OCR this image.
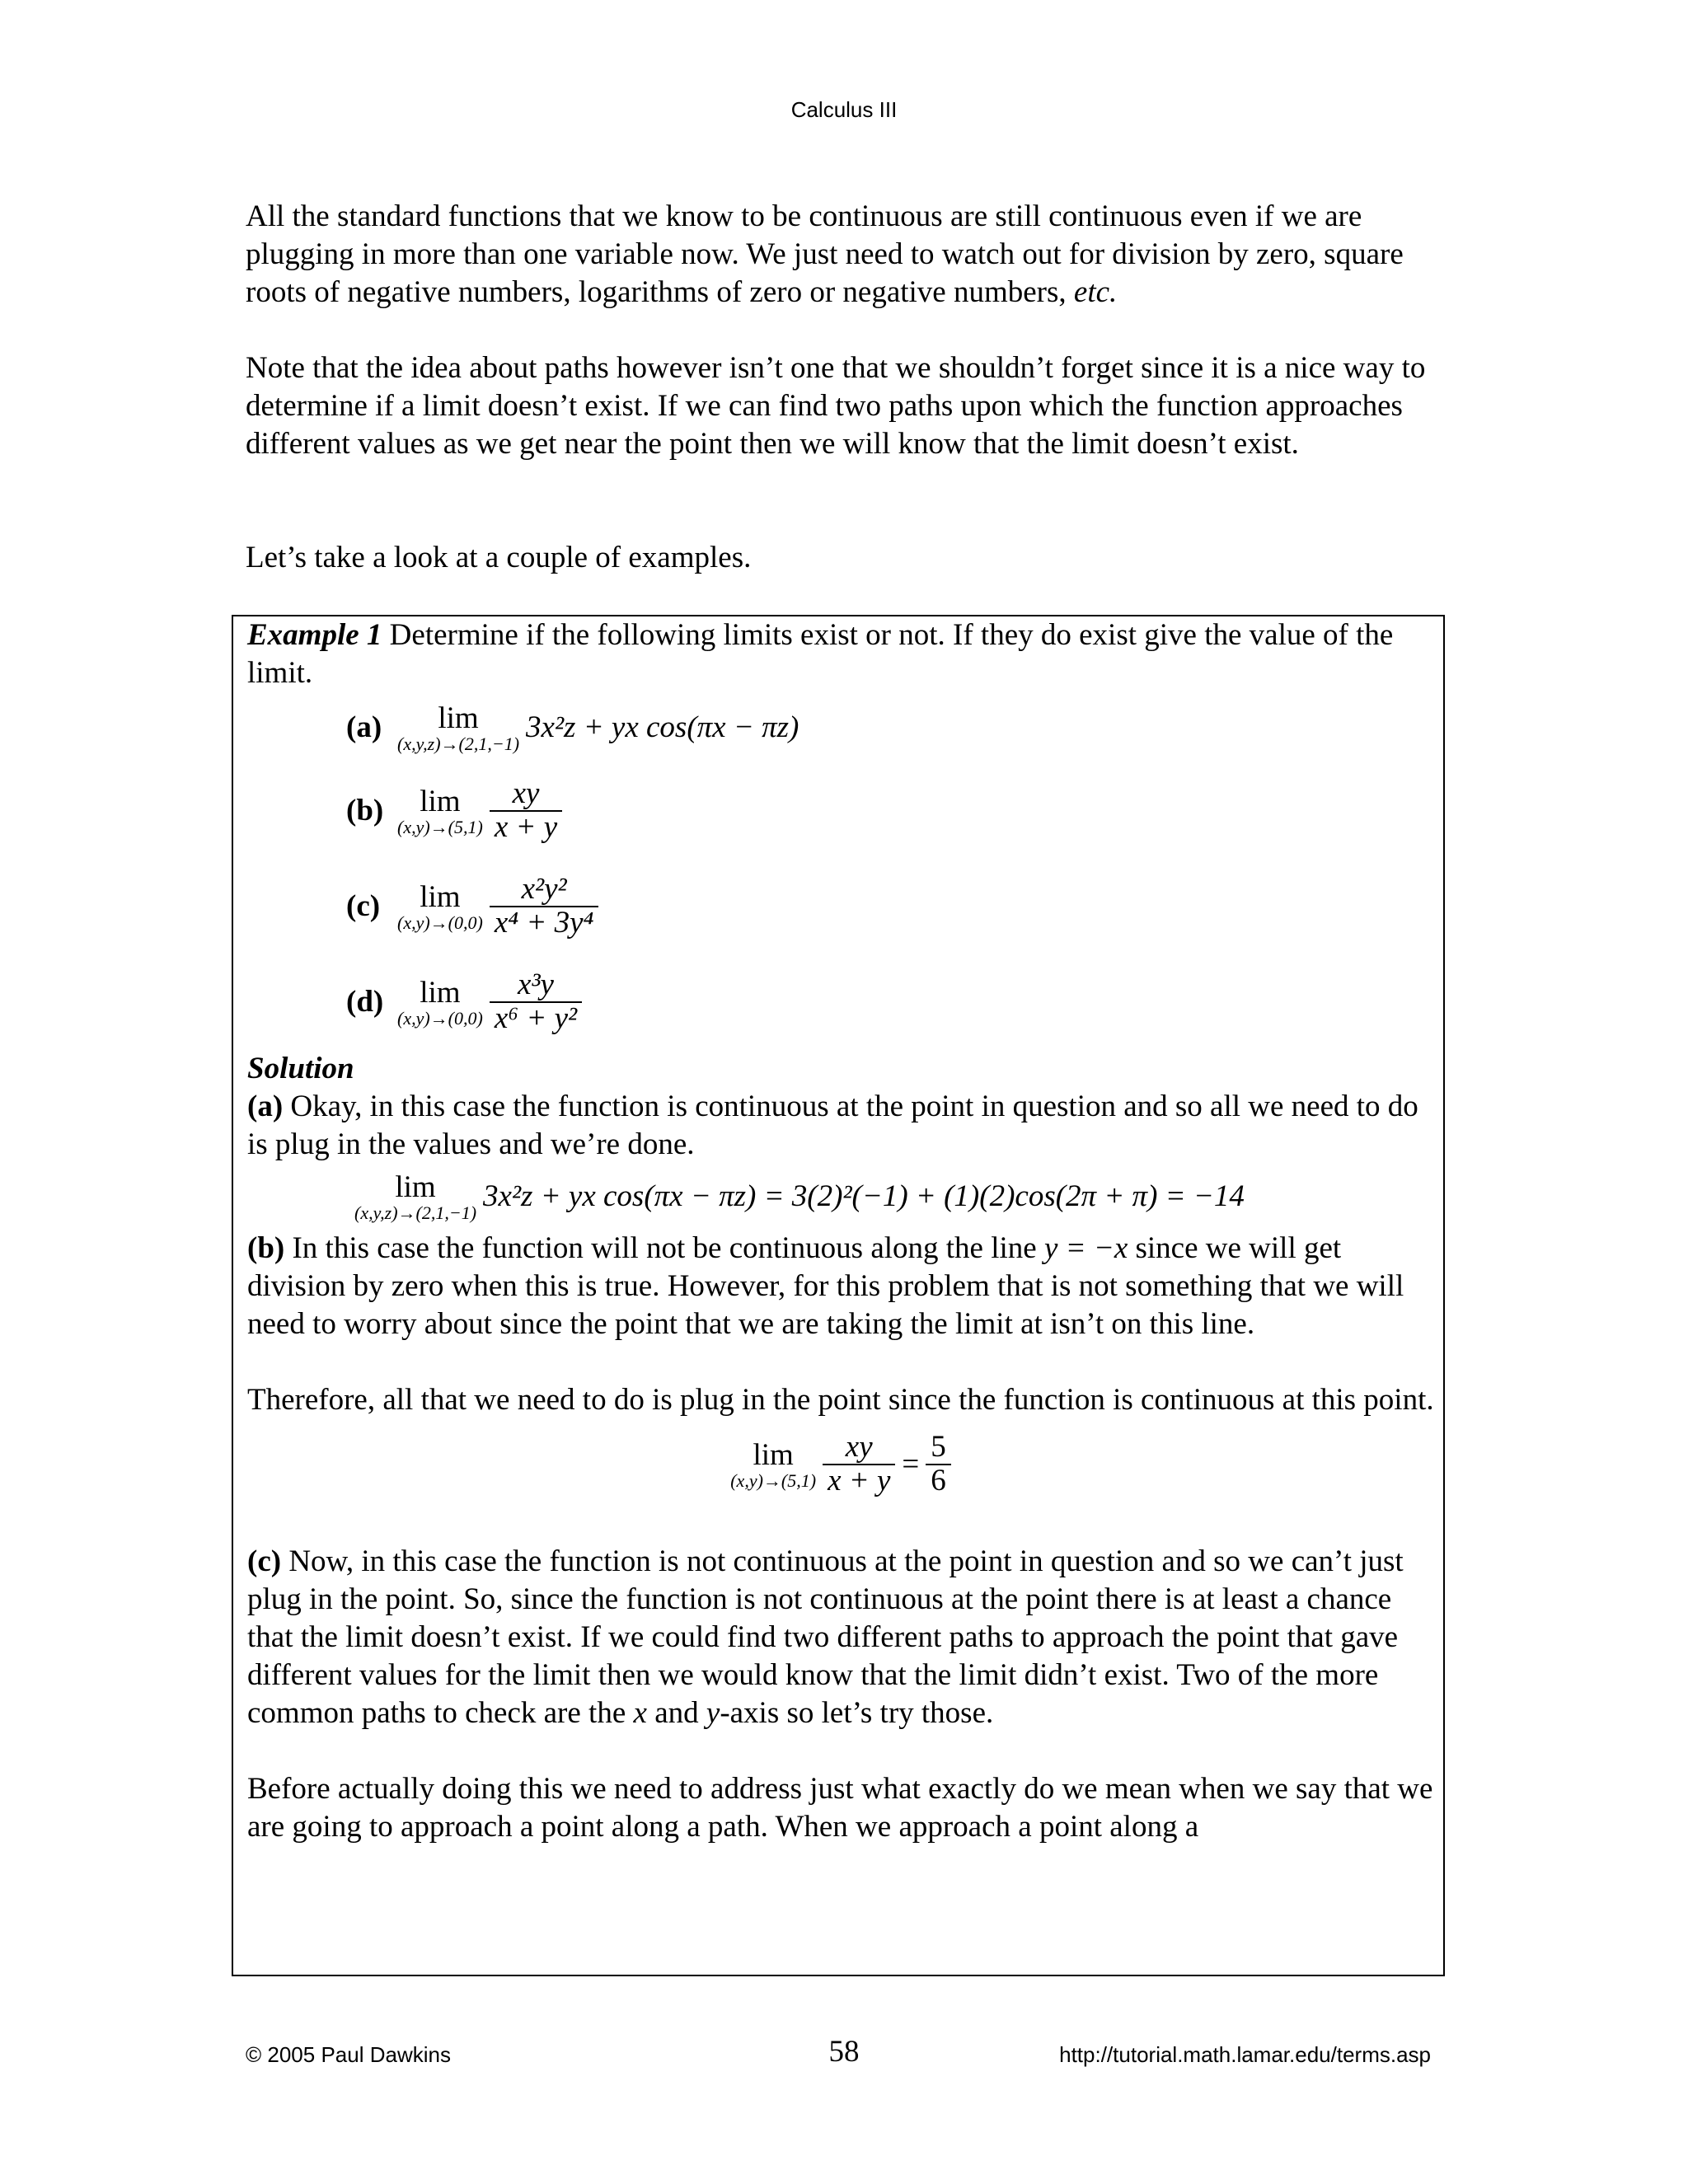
Calculus III
All the standard functions that we know to be continuous are still continuous even if we are plugging in more than one variable now. We just need to watch out for division by zero, square roots of negative numbers, logarithms of zero or negative numbers, etc.
Note that the idea about paths however isn’t one that we shouldn’t forget since it is a nice way to determine if a limit doesn’t exist. If we can find two paths upon which the function approaches different values as we get near the point then we will know that the limit doesn’t exist.
Let’s take a look at a couple of examples.

Example 1 Determine if the following limits exist or not. If they do exist give the value of the limit.

(a)	lim
(x,y,z)→(2,1,−1) 3x²z + yx cos(πx − πz)
(b)	lim
$(x,y)\to(5,1) \frac{xy}{x + y}$
(c)	lim
$(x,y)\to(0,0) \frac{\text{x²y²}}{\text{x⁴ + 3y⁴}}$
(d)	lim
$(x,y)\to(0,0) \frac{\text{x³y}}{\text{x⁶ + y²}}$

Solution

(a) Okay, in this case the function is continuous at the point in question and so all we need to do is plug in the values and we’re done.

lim
(x,y,z)→(2,1,−1) 3x²z + yx cos(πx − πz) = 3(2)²(−1) + (1)(2)cos(2π + π) = −14

(b) In this case the function will not be continuous along the line y = −x since we will get division by zero when this is true. However, for this problem that is not something that we will need to worry about since the point that we are taking the limit at isn’t on this line.

Therefore, all that we need to do is plug in the point since the function is continuous at this point.

lim
$(x,y)\to(5,1) \frac{xy}{x + y} = \frac{5}{6}$

(c) Now, in this case the function is not continuous at the point in question and so we can’t just plug in the point. So, since the function is not continuous at the point there is at least a chance that the limit doesn’t exist. If we could find two different paths to approach the point that gave different values for the limit then we would know that the limit didn’t exist. Two of the more common paths to check are the x and y-axis so let’s try those.

Before actually doing this we need to address just what exactly do we mean when we say that we are going to approach a point along a path. When we approach a point along a

© 2005 Paul Dawkins	58	http://tutorial.math.lamar.edu/terms.asp
